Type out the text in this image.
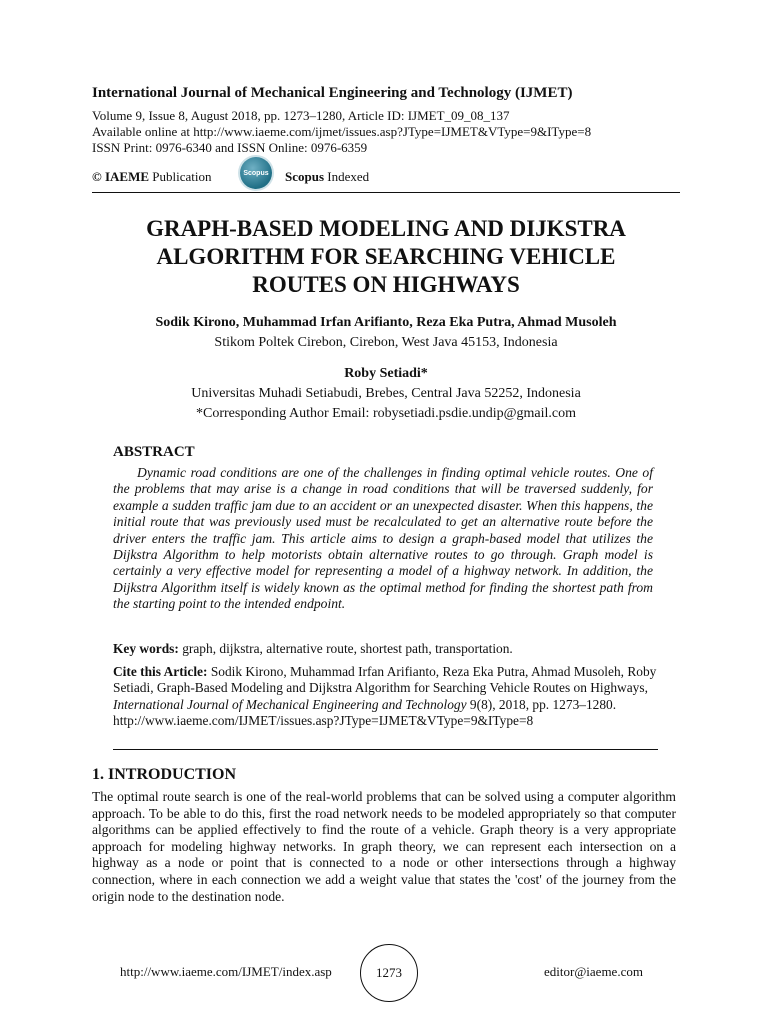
International Journal of Mechanical Engineering and Technology (IJMET)
Volume 9, Issue 8, August 2018, pp. 1273–1280, Article ID: IJMET_09_08_137
Available online at http://www.iaeme.com/ijmet/issues.asp?JType=IJMET&VType=9&IType=8
ISSN Print: 0976-6340 and ISSN Online: 0976-6359
© IAEME Publication	Scopus Scopus Indexed
GRAPH-BASED MODELING AND DIJKSTRA
ALGORITHM FOR SEARCHING VEHICLE
ROUTES ON HIGHWAYS
Sodik Kirono, Muhammad Irfan Arifianto, Reza Eka Putra, Ahmad Musoleh
Stikom Poltek Cirebon, Cirebon, West Java 45153, Indonesia
Roby Setiadi*
Universitas Muhadi Setiabudi, Brebes, Central Java 52252, Indonesia
*Corresponding Author Email: robysetiadi.psdie.undip@gmail.com
ABSTRACT

Dynamic road conditions are one of the challenges in finding optimal vehicle routes. One of the problems that may arise is a change in road conditions that will be traversed suddenly, for example a sudden traffic jam due to an accident or an unexpected disaster. When this happens, the initial route that was previously used must be recalculated to get an alternative route before the driver enters the traffic jam. This article aims to design a graph-based model that utilizes the Dijkstra Algorithm to help motorists obtain alternative routes to go through. Graph model is certainly a very effective model for representing a model of a highway network. In addition, the Dijkstra Algorithm itself is widely known as the optimal method for finding the shortest path from the starting point to the intended endpoint.

Key words: graph, dijkstra, alternative route, shortest path, transportation.
Cite this Article: Sodik Kirono, Muhammad Irfan Arifianto, Reza Eka Putra, Ahmad Musoleh, Roby Setiadi, Graph-Based Modeling and Dijkstra Algorithm for Searching Vehicle Routes on Highways, International Journal of Mechanical Engineering and Technology 9(8), 2018, pp. 1273–1280.
http://www.iaeme.com/IJMET/issues.asp?JType=IJMET&VType=9&IType=8
1. INTRODUCTION

The optimal route search is one of the real-world problems that can be solved using a computer algorithm approach. To be able to do this, first the road network needs to be modeled appropriately so that computer algorithms can be applied effectively to find the route of a vehicle. Graph theory is a very appropriate approach for modeling highway networks. In graph theory, we can represent each intersection on a highway as a node or point that is connected to a node or other intersections through a highway connection, where in each connection we add a weight value that states the 'cost' of the journey from the origin node to the destination node.

http://www.iaeme.com/IJMET/index.asp	1273	editor@iaeme.com
